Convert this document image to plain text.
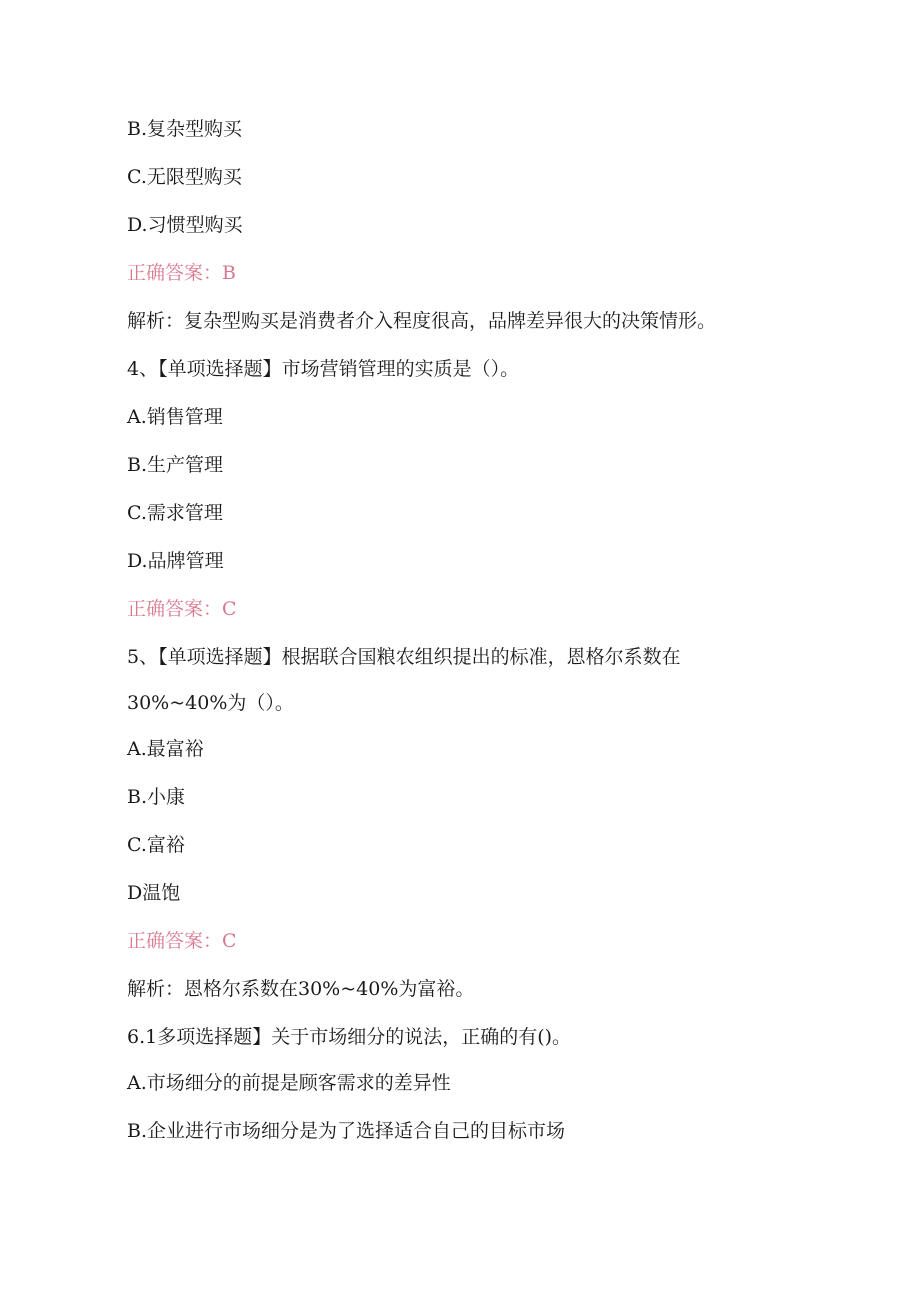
B.复杂型购买
C.无限型购买
D.习惯型购买
正确答案：B
解析：复杂型购买是消费者介入程度很高，品牌差异很大的决策情形。
4、【单项选择题】市场营销管理的实质是（）。
A.销售管理
B.生产管理
C.需求管理
D.品牌管理
正确答案：C
5、【单项选择题】根据联合国粮农组织提出的标准，恩格尔系数在
30%~40%为（）。
A.最富裕
B.小康
C.富裕
D温饱
正确答案：C
解析：恩格尔系数在30%~40%为富裕。
6.1多项选择题】关于市场细分的说法，正确的有()。
A.市场细分的前提是顾客需求的差异性
B.企业进行市场细分是为了选择适合自己的目标市场
